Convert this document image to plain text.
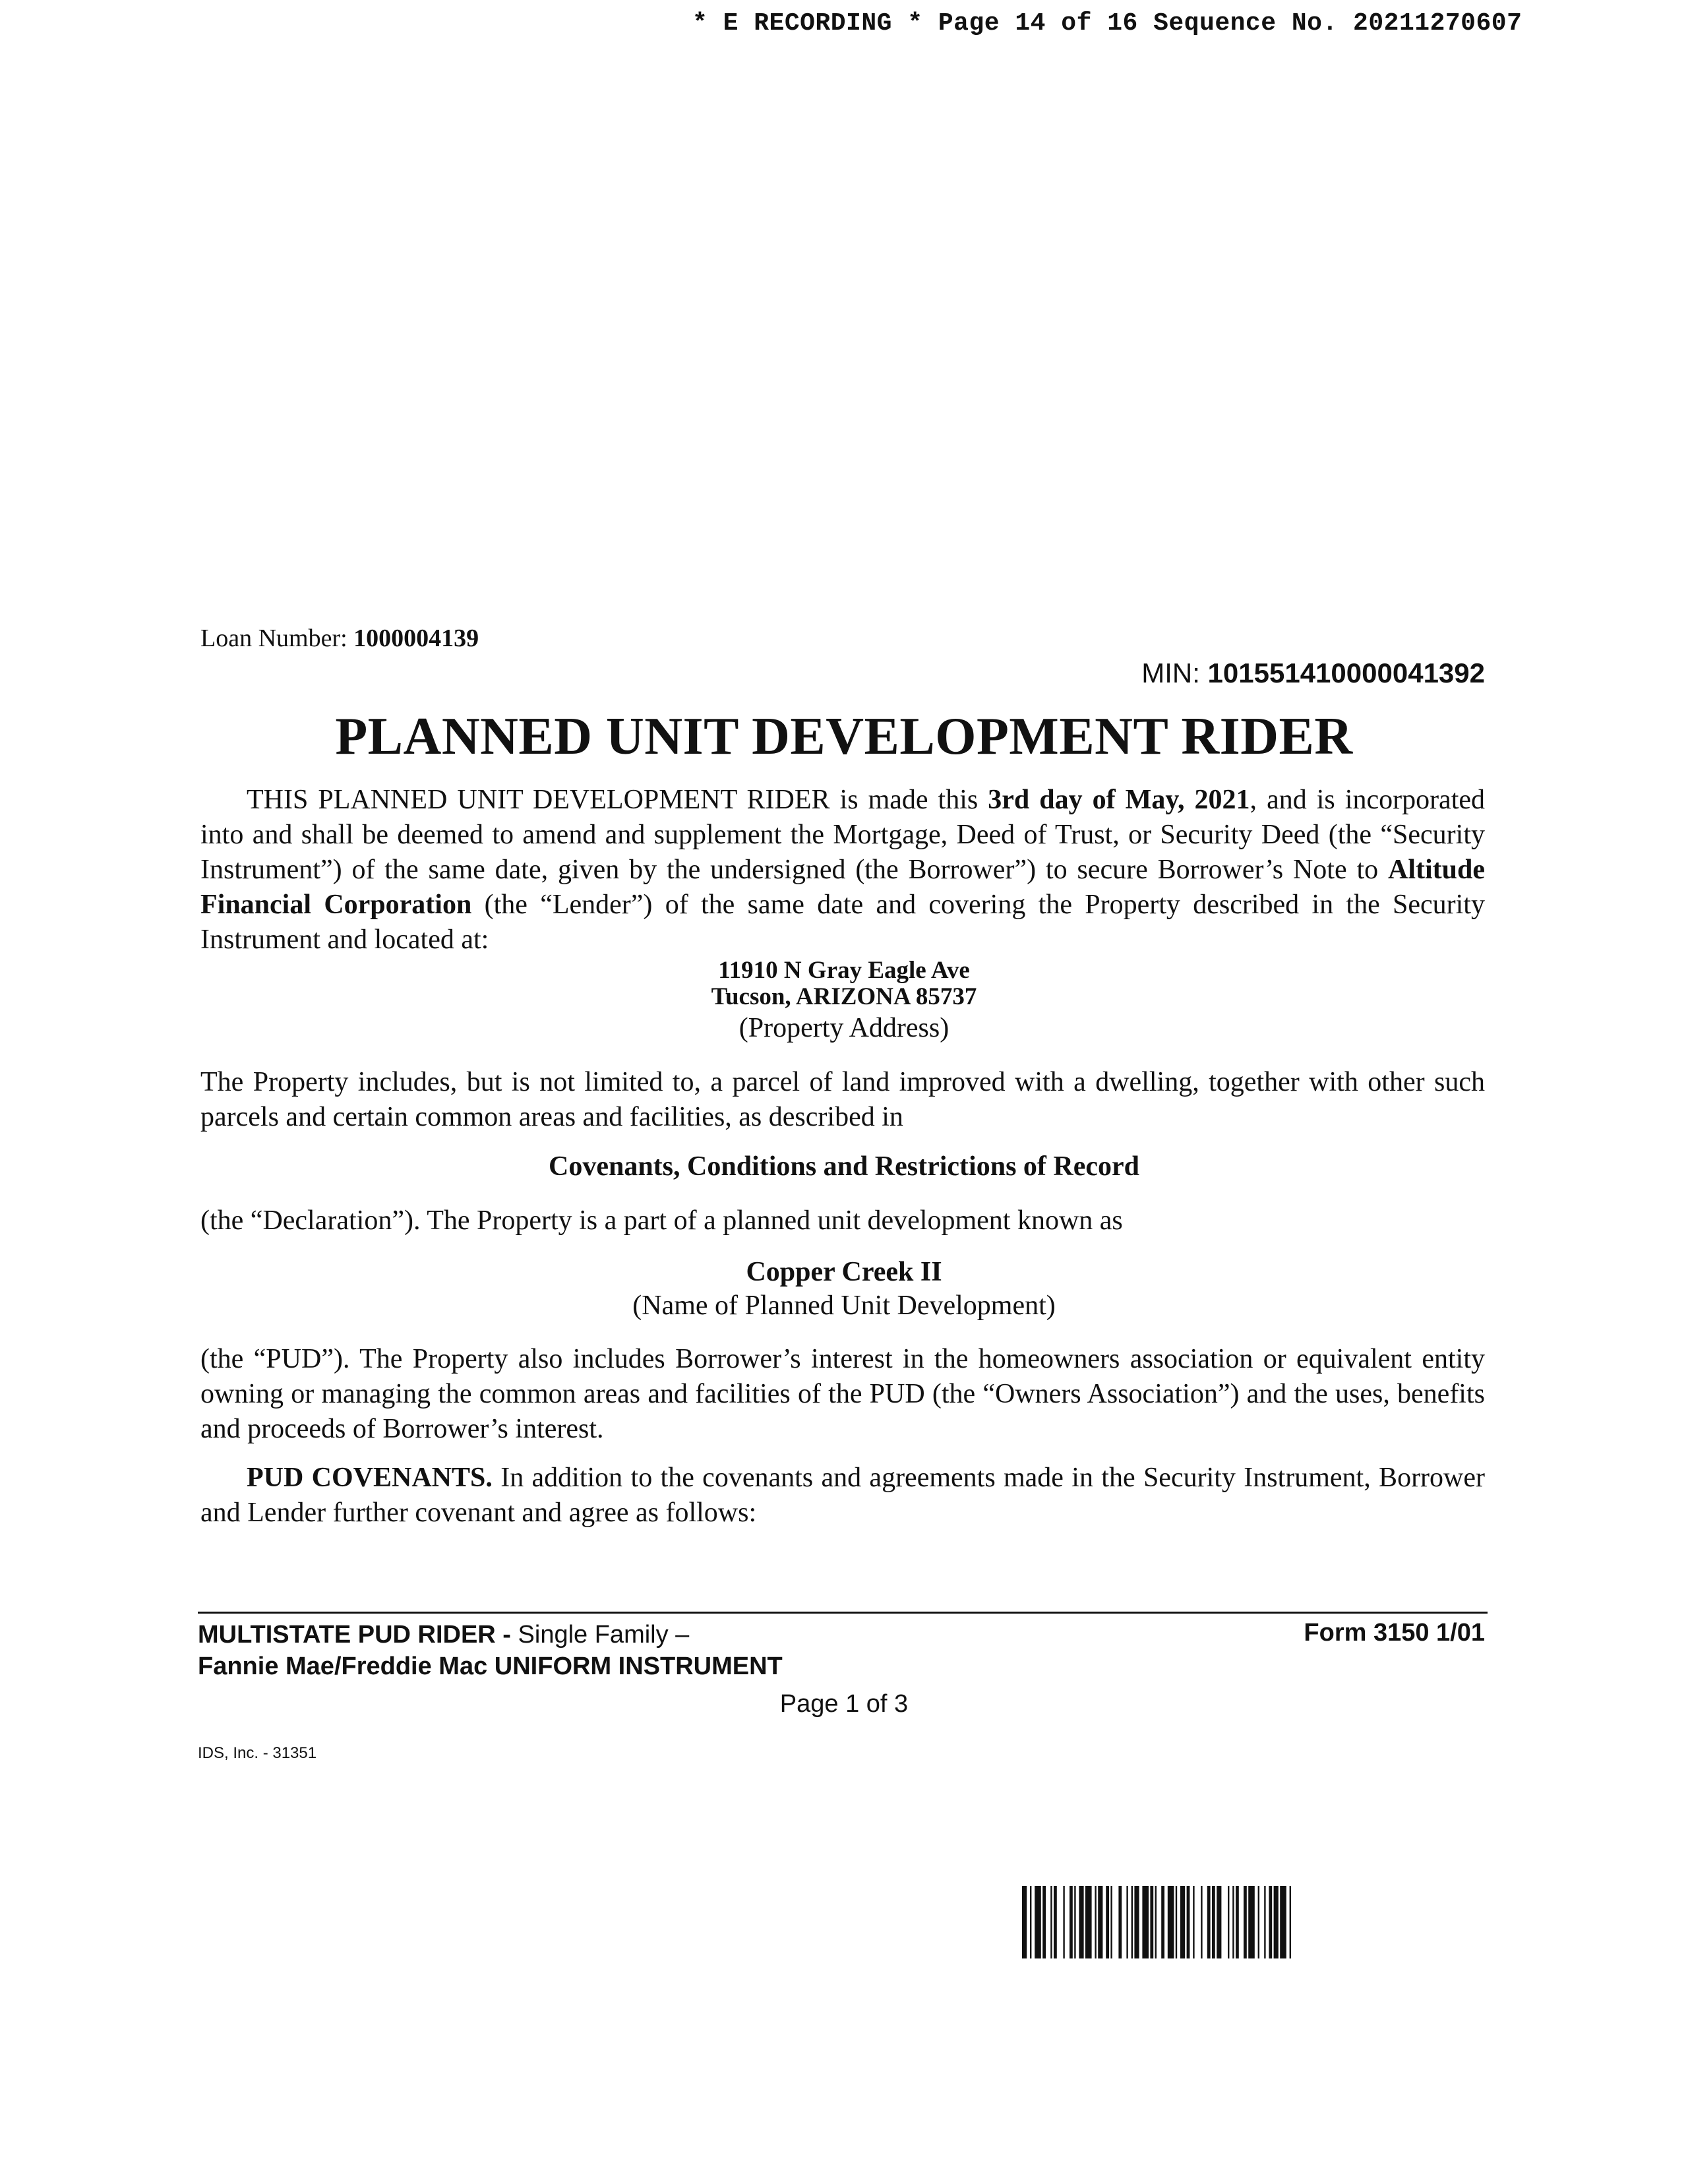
* E RECORDING * Page 14 of 16 Sequence No. 20211270607
Loan Number: 1000004139
MIN: 101551410000041392
PLANNED UNIT DEVELOPMENT RIDER
THIS PLANNED UNIT DEVELOPMENT RIDER is made this 3rd day of May, 2021, and is incorporated into and shall be deemed to amend and supplement the Mortgage, Deed of Trust, or Security Deed (the “Security Instrument”) of the same date, given by the undersigned (the Borrower”) to secure Borrower’s Note to Altitude Financial Corporation (the “Lender”) of the same date and covering the Property described in the Security Instrument and located at:
11910 N Gray Eagle Ave
Tucson, ARIZONA 85737
(Property Address)
The Property includes, but is not limited to, a parcel of land improved with a dwelling, together with other such parcels and certain common areas and facilities, as described in
Covenants, Conditions and Restrictions of Record
(the “Declaration”). The Property is a part of a planned unit development known as
Copper Creek II
(Name of Planned Unit Development)
(the “PUD”). The Property also includes Borrower’s interest in the homeowners association or equivalent entity owning or managing the common areas and facilities of the PUD (the “Owners Association”) and the uses, benefits and proceeds of Borrower’s interest.
PUD COVENANTS. In addition to the covenants and agreements made in the Security Instrument, Borrower and Lender further covenant and agree as follows:
MULTISTATE PUD RIDER - Single Family –
Fannie Mae/Freddie Mac UNIFORM INSTRUMENT
Form 3150 1/01
Page 1 of 3
IDS, Inc. - 31351
